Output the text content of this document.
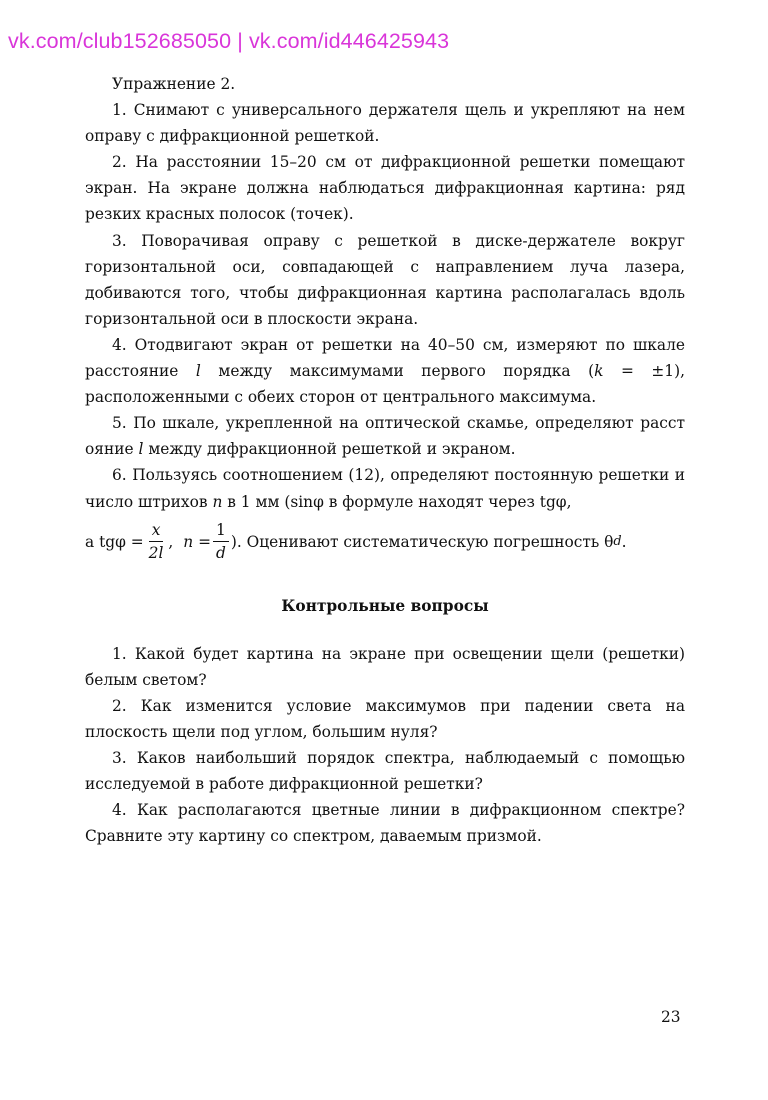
vk.com/club152685050 | vk.com/id446425943

Упражнение 2.

1. Снимают с универсального держателя щель и укрепляют на нем оправу с дифракционной решеткой.

2. На расстоянии 15–20 см от дифракционной решетки помещают экран. На экране должна наблюдаться дифракционная картина: ряд резких красных полосок (точек).

3. Поворачивая оправу с решеткой в диске-держателе вокруг горизонтальной оси, совпадающей с направлением луча лазера, добиваются того, чтобы дифракционная картина располагалась вдоль горизонтальной оси в плоскости экрана.

4. Отодвигают экран от решетки на 40–50 см, измеряют по шкале расстояние l между максимумами первого порядка (k = ±1), расположенными с обеих сторон от центрального максимума.

5. По шкале, укрепленной на оптической скамье, определяют расст ояние l между дифракционной решеткой и экраном.

6. Пользуясь соотношением (12), определяют постоянную решетки и число штрихов n в 1 мм (sinφ в формуле находят через tgφ,

а $tg\varphi = \frac{x}{2l}$ , $n = \frac{1}{d}$ ). Оценивают систематическую погрешность θ d .
Контрольные вопросы

1. Какой будет картина на экране при освещении щели (решетки) белым светом?

2. Как изменится условие максимумов при падении света на плоскость щели под углом, большим нуля?

3. Каков наибольший порядок спектра, наблюдаемый с помощью исследуемой в работе дифракционной решетки?

4. Как располагаются цветные линии в дифракционном спектре? Сравните эту картину со спектром, даваемым призмой.

23
